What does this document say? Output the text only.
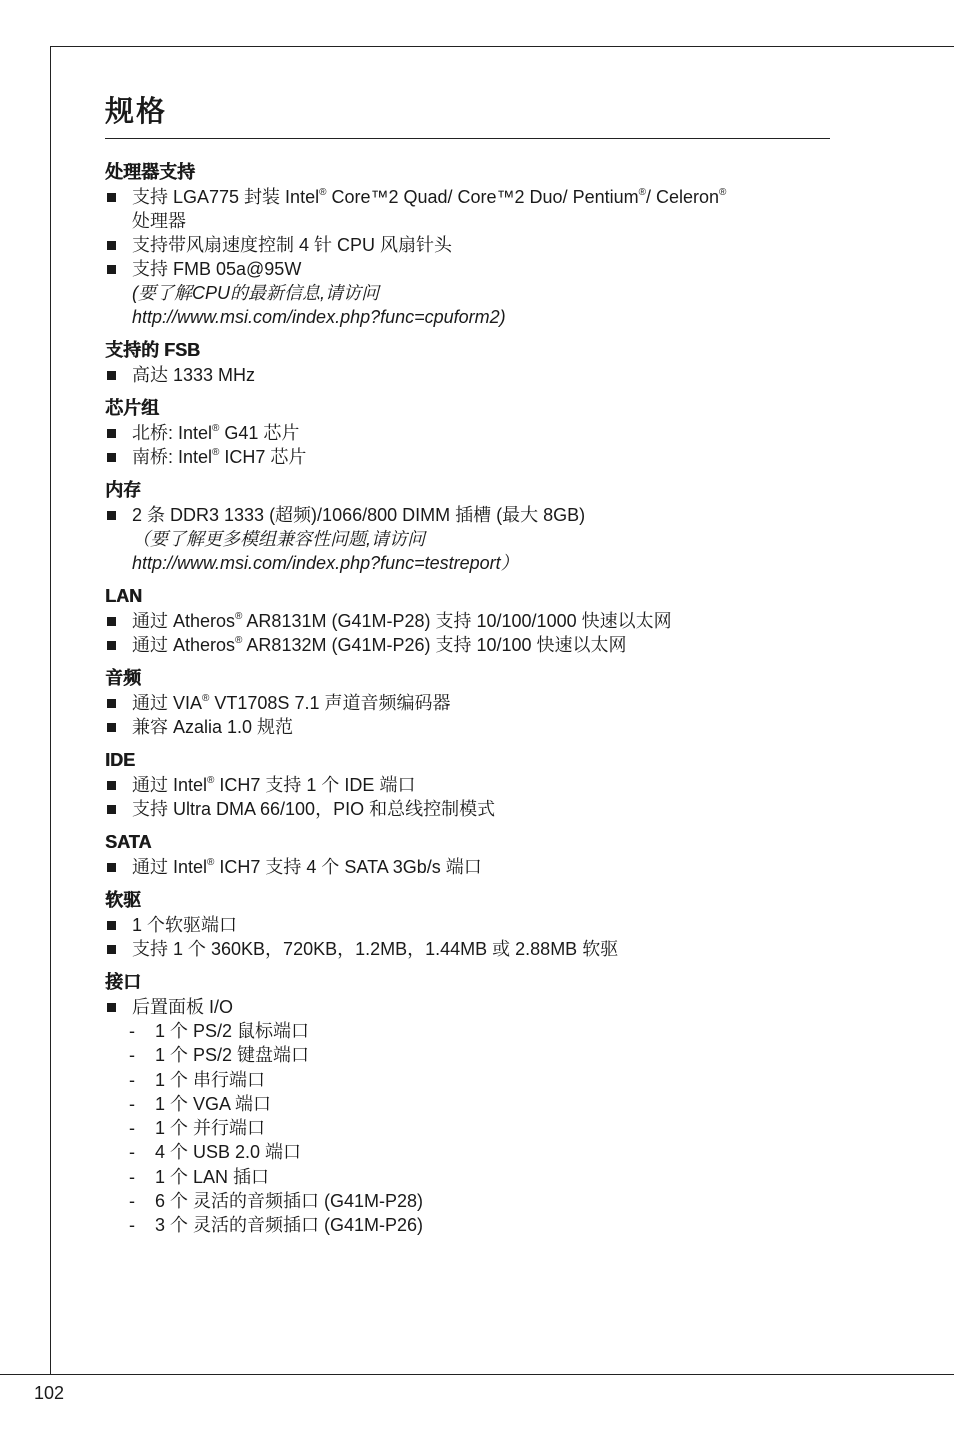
102
规格
处理器支持
支持 LGA775 封装 Intel® Core™2 Quad/ Core™2 Duo/ Pentium®/ Celeron®
处理器
支持带风扇速度控制 4 针 CPU 风扇针头
支持 FMB 05a@95W
(要了解CPU的最新信息,请访问
http://www.msi.com/index.php?func=cpuform2)
支持的 FSB
高达 1333 MHz
芯片组
北桥: Intel® G41 芯片
南桥: Intel® ICH7 芯片
内存
2 条 DDR3 1333 (超频)/1066/800 DIMM 插槽 (最大 8GB)
（要了解更多模组兼容性问题,请访问
http://www.msi.com/index.php?func=testreport）
LAN
通过 Atheros® AR8131M (G41M-P28) 支持 10/100/1000 快速以太网
通过 Atheros® AR8132M (G41M-P26) 支持 10/100 快速以太网
音频
通过 VIA® VT1708S 7.1 声道音频编码器
兼容 Azalia 1.0 规范
IDE
通过 Intel® ICH7 支持 1 个 IDE 端口
支持 Ultra DMA 66/100，PIO 和总线控制模式
SATA
通过 Intel® ICH7 支持 4 个 SATA 3Gb/s 端口
软驱
1 个软驱端口
支持 1 个 360KB，720KB，1.2MB，1.44MB 或 2.88MB 软驱
接口
后置面板 I/O
- 1 个 PS/2 鼠标端口
- 1 个 PS/2 键盘端口
- 1 个 串行端口
- 1 个 VGA 端口
- 1 个 并行端口
- 4 个 USB 2.0 端口
- 1 个 LAN 插口
- 6 个 灵活的音频插口 (G41M-P28)
- 3 个 灵活的音频插口 (G41M-P26)
